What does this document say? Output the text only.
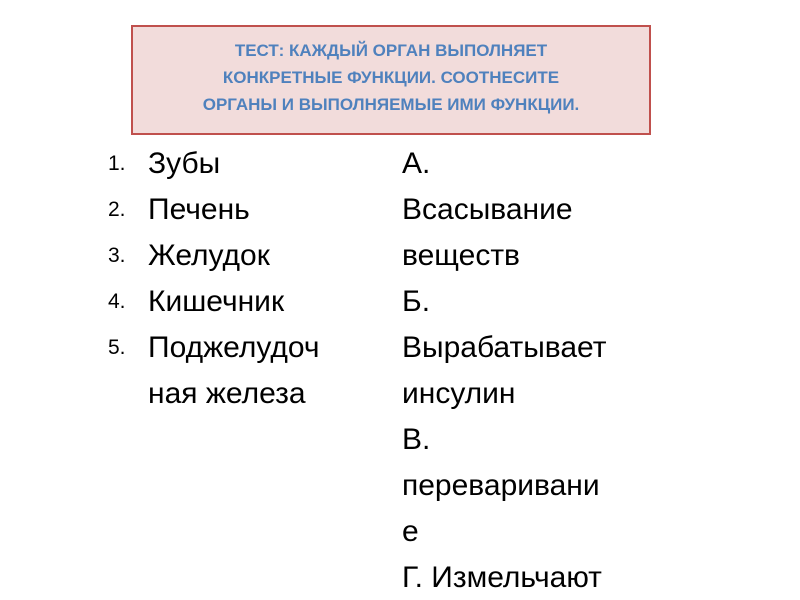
ТЕСТ: КАЖДЫЙ ОРГАН ВЫПОЛНЯЕТ
КОНКРЕТНЫЕ ФУНКЦИИ. СООТНЕСИТЕ
ОРГАНЫ И ВЫПОЛНЯЕМЫЕ ИМИ ФУНКЦИИ.
1. Зубы
2. Печень
3. Желудок
4. Кишечник
5. Поджелудоч
ная железа
А.
Всасывание
веществ
Б.
Вырабатывает
инсулин
В.
переваривани
е
Г. Измельчают
